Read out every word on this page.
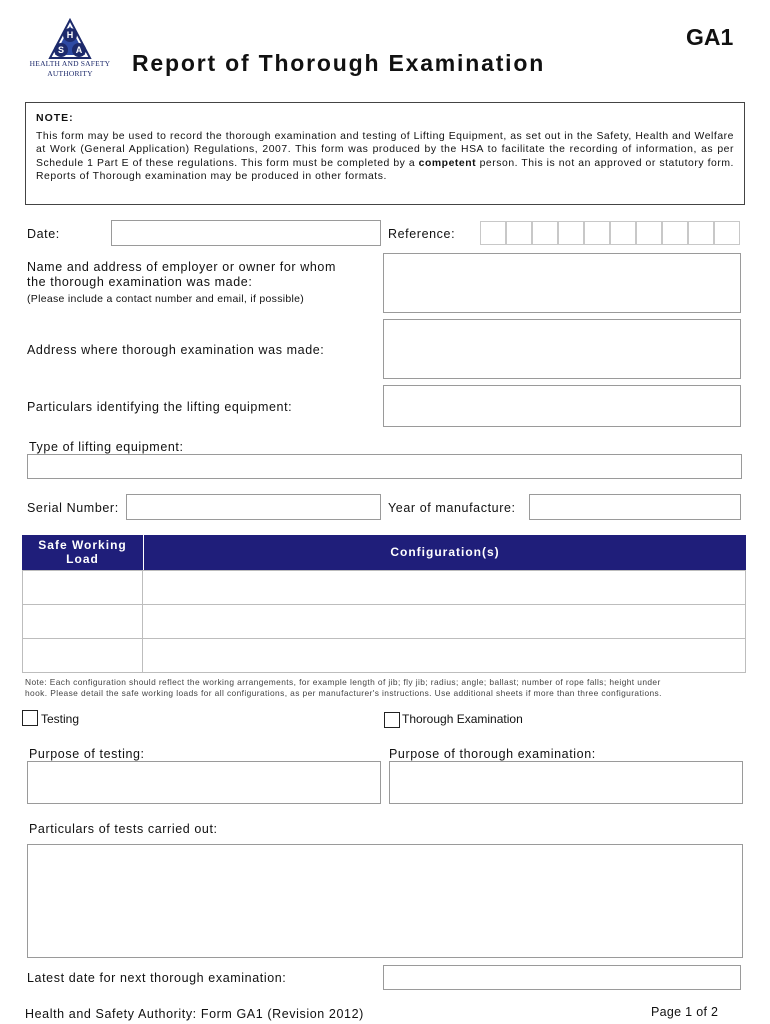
H
S A
HEALTH AND SAFETY
AUTHORITY	Report of Thorough Examination
GA1
NOTE:
This form may be used to record the thorough examination and testing of Lifting Equipment, as set out in the Safety, Health and Welfare at Work (General Application) Regulations, 2007. This form was produced by the HSA to facilitate the recording of information, as per Schedule 1 Part E of these regulations. This form must be completed by a competent person. This is not an approved or statutory form. Reports of Thorough examination may be produced in other formats.
Date:	Reference:
Name and address of employer or owner for whom
the thorough examination was made:
(Please include a contact number and email, if possible)
Address where thorough examination was made:
Particulars identifying the lifting equipment:
Type of lifting equipment:
Serial Number:	Year of manufacture:
Safe Working
Load	Configuration(s)
Note: Each configuration should reflect the working arrangements, for example length of jib; fly jib; radius; angle; ballast; number of rope falls; height under
hook. Please detail the safe working loads for all configurations, as per manufacturer's instructions. Use additional sheets if more than three configurations.
Testing	Thorough Examination
Purpose of testing:	Purpose of thorough examination:
Particulars of tests carried out:
Latest date for next thorough examination:
Health and Safety Authority: Form GA1 (Revision 2012)	Page 1 of 2
